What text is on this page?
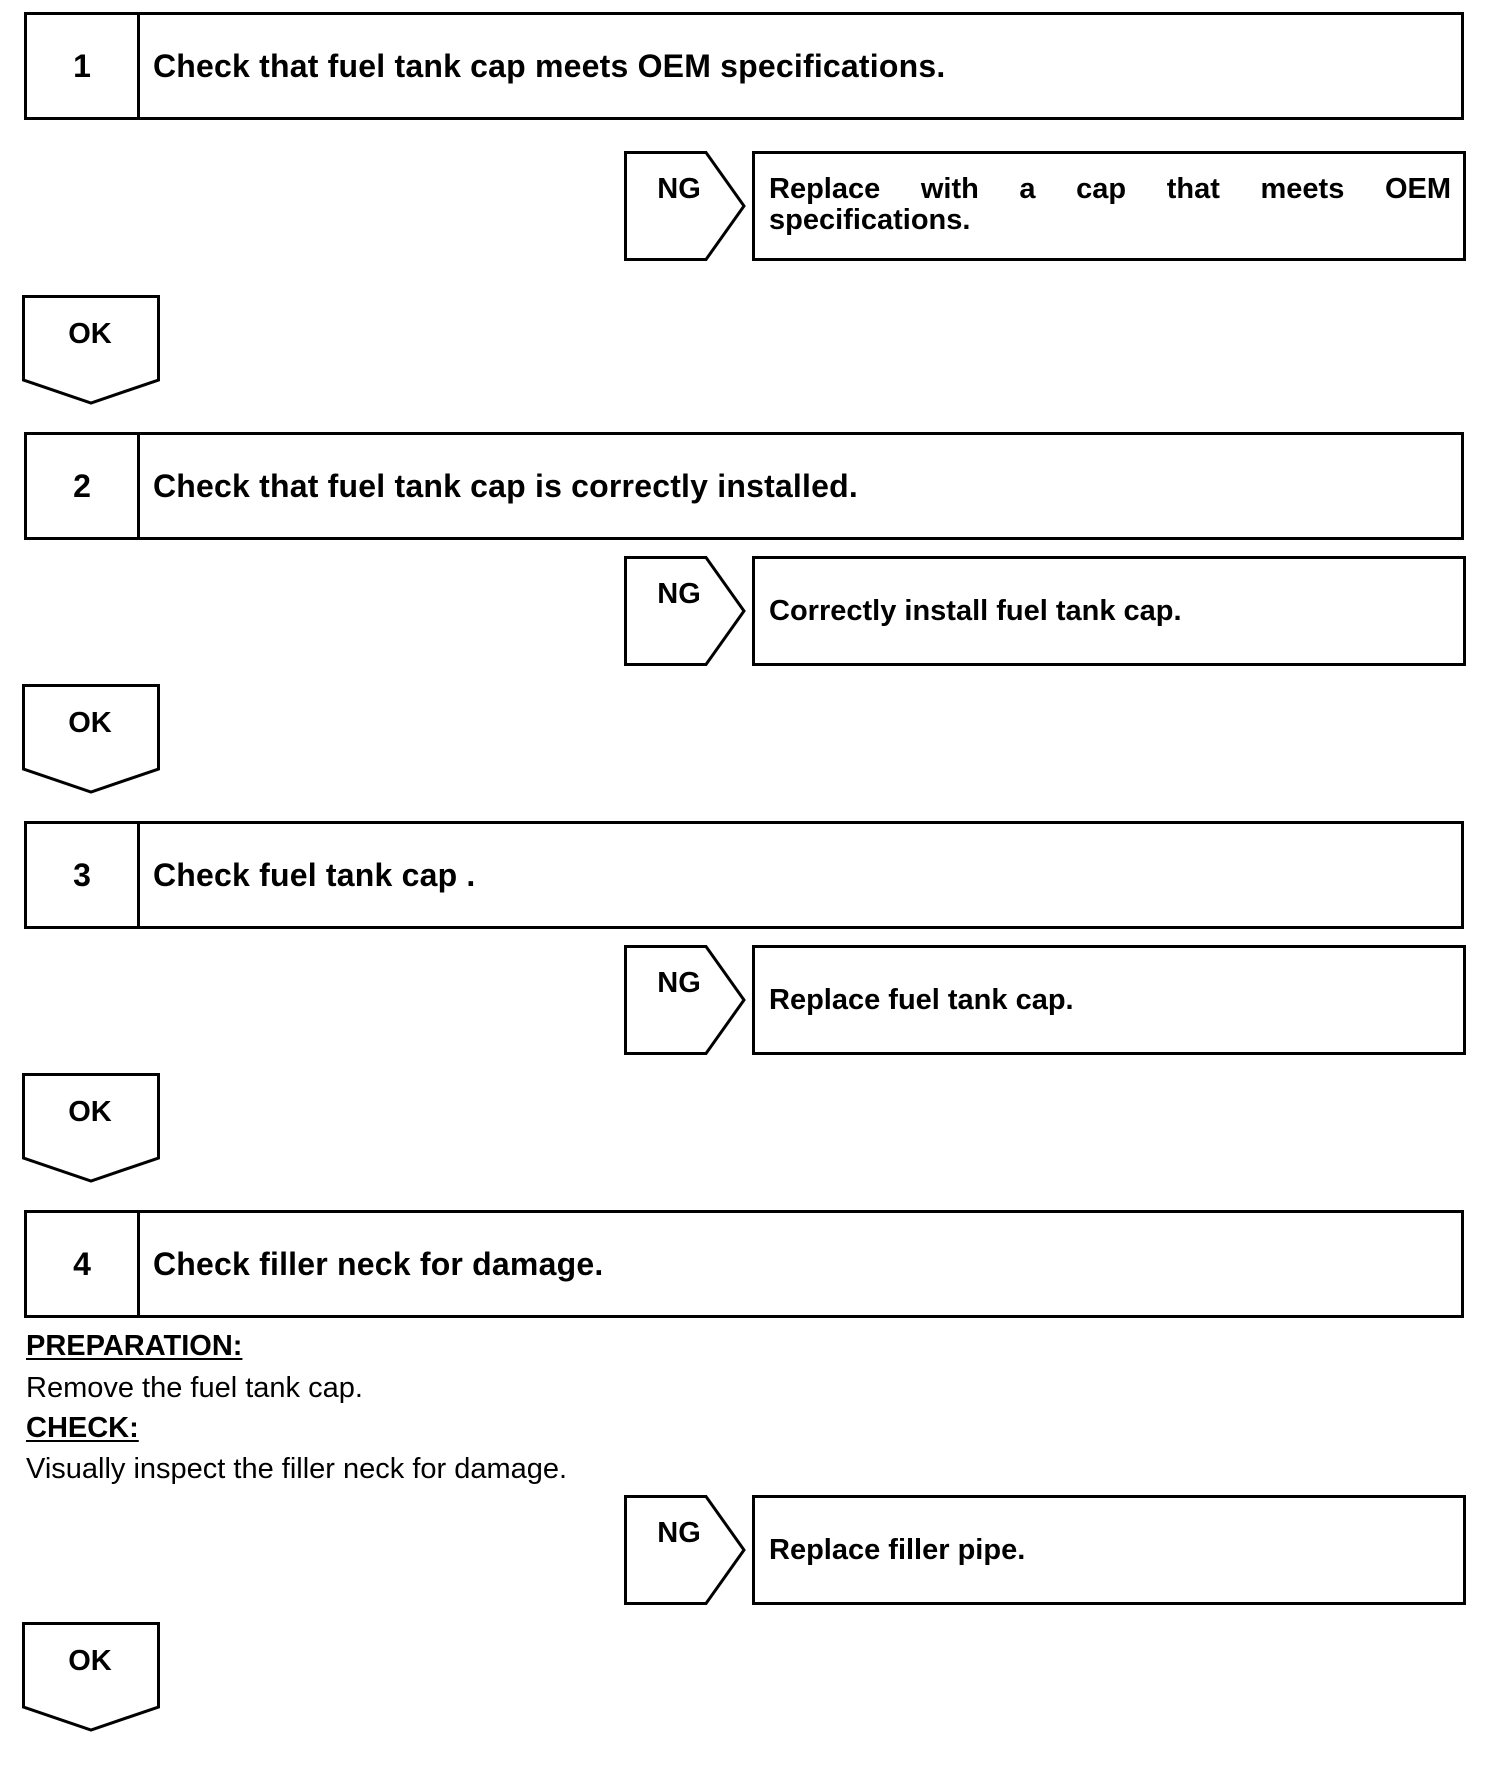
1	Check that fuel tank cap meets OEM specifications.
NG	Replace with a cap that meets OEM specifications.
OK
2	Check that fuel tank cap is correctly installed.
NG
Correctly install fuel tank cap.
OK
3	Check fuel tank cap .
NG
Replace fuel tank cap.
OK
4	Check filler neck for damage.
PREPARATION:
Remove the fuel tank cap.
CHECK:
Visually inspect the filler neck for damage.
NG
Replace filler pipe.
OK
